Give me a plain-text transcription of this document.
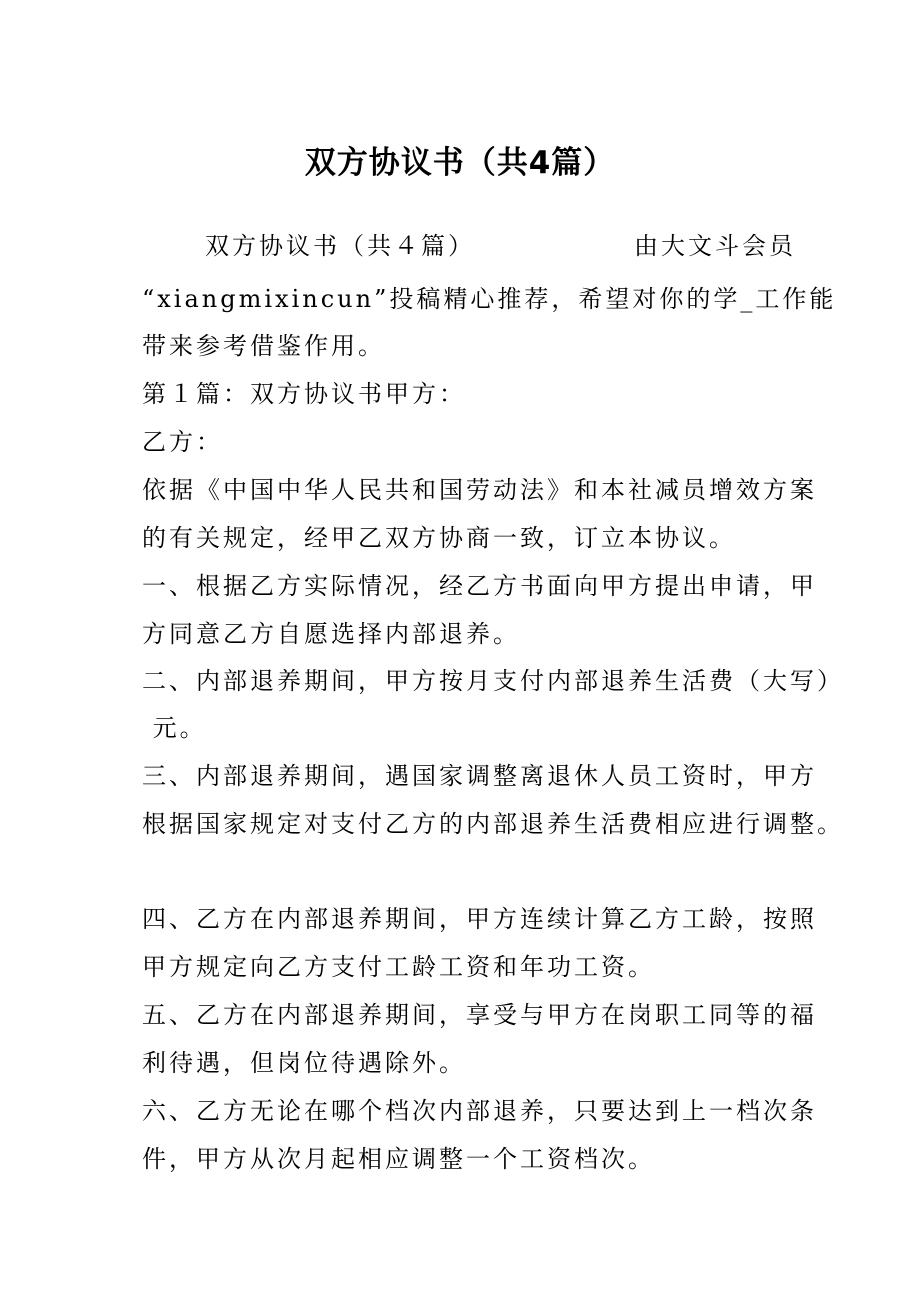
双方协议书（共4篇）
双方协议书（共４篇）	由大文斗会员
“xiangmixincun”投稿精心推荐，希望对你的学_工作能
带来参考借鉴作用。
第１篇：双方协议书甲方：
乙方：
依据《中国中华人民共和国劳动法》和本社减员增效方案
的有关规定，经甲乙双方协商一致，订立本协议。
一、根据乙方实际情况，经乙方书面向甲方提出申请，甲
方同意乙方自愿选择内部退养。
二、内部退养期间，甲方按月支付内部退养生活费（大写）
元。
三、内部退养期间，遇国家调整离退休人员工资时，甲方
根据国家规定对支付乙方的内部退养生活费相应进行调整。
四、乙方在内部退养期间，甲方连续计算乙方工龄，按照
甲方规定向乙方支付工龄工资和年功工资。
五、乙方在内部退养期间，享受与甲方在岗职工同等的福
利待遇，但岗位待遇除外。
六、乙方无论在哪个档次内部退养，只要达到上一档次条
件，甲方从次月起相应调整一个工资档次。
